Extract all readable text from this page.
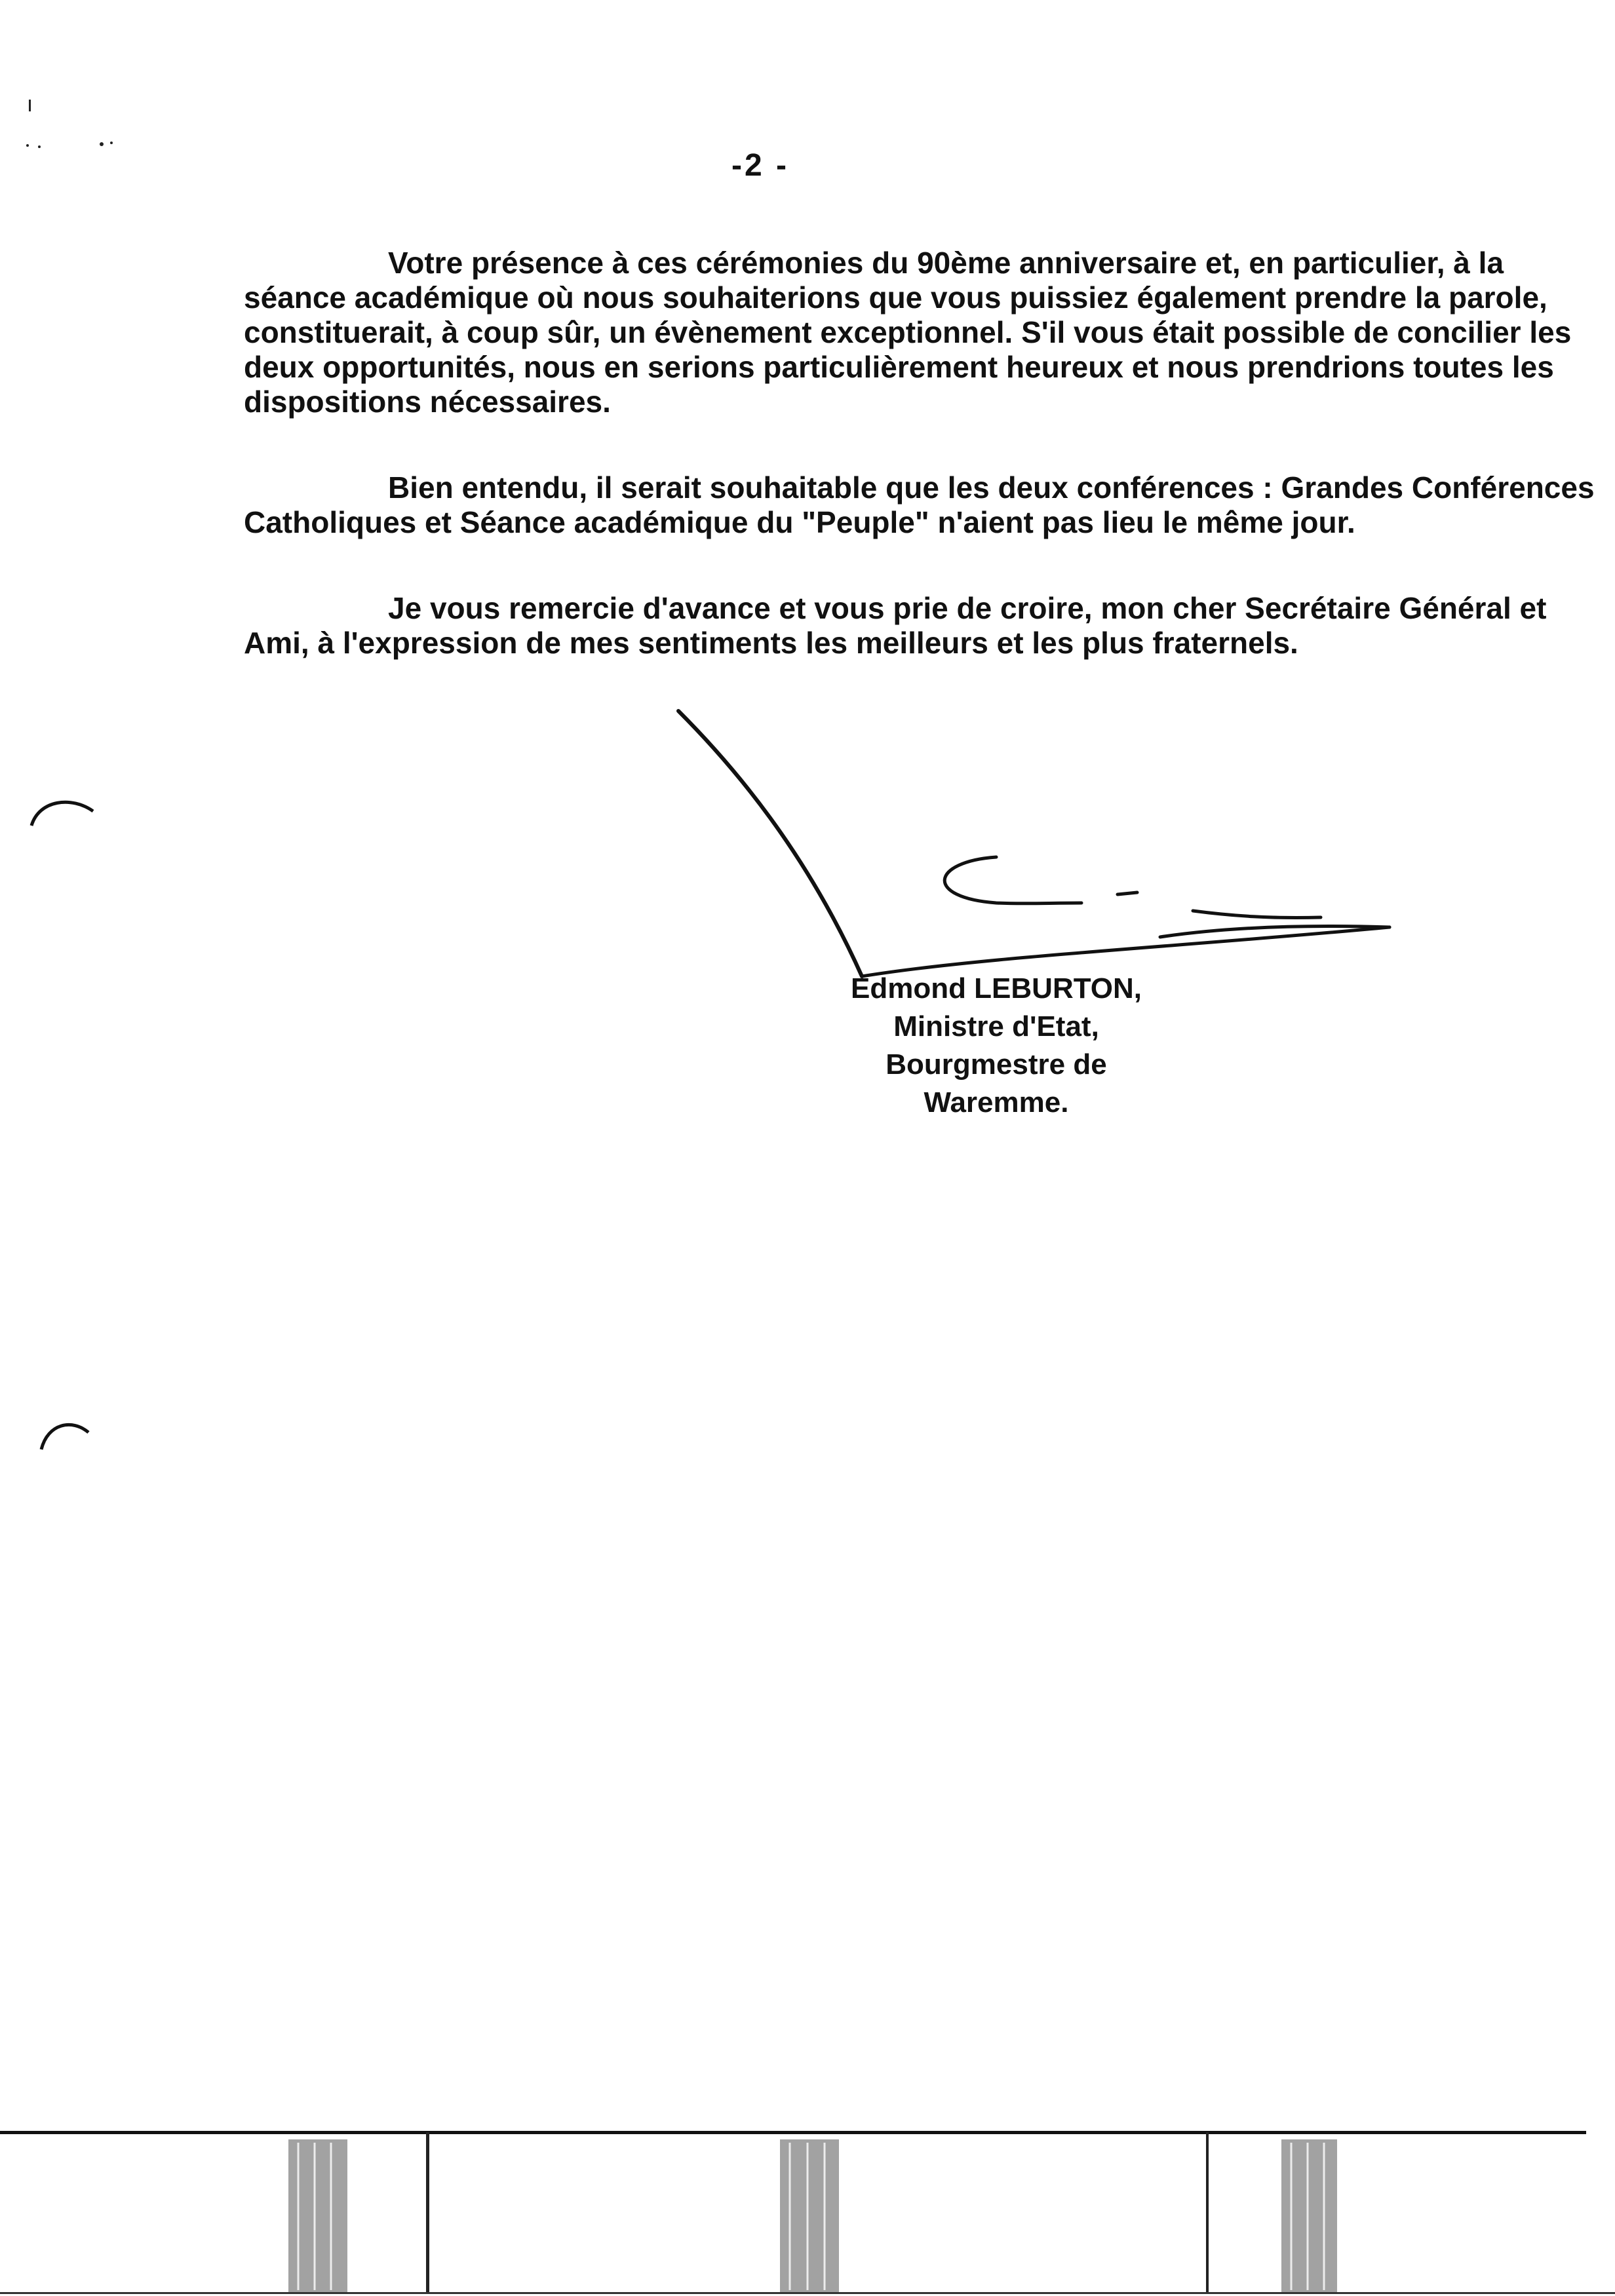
-2 -

Votre présence à ces cérémonies du 90ème anniversaire et, en particulier, à la séance académique où nous souhaiterions que vous puissiez également prendre la parole, constituerait, à coup sûr, un évènement exceptionnel. S'il vous était possible de concilier les deux opportunités, nous en serions particulièrement heureux et nous prendrions toutes les dispositions nécessaires.

Bien entendu, il serait souhaitable que les deux conférences : Grandes Conférences Catholiques et Séance académique du "Peuple" n'aient pas lieu le même jour.

Je vous remercie d'avance et vous prie de croire, mon cher Secrétaire Général et Ami, à l'expression de mes sentiments les meilleurs et les plus fraternels.

Edmond LEBURTON,
Ministre d'Etat,
Bourgmestre de Waremme.
